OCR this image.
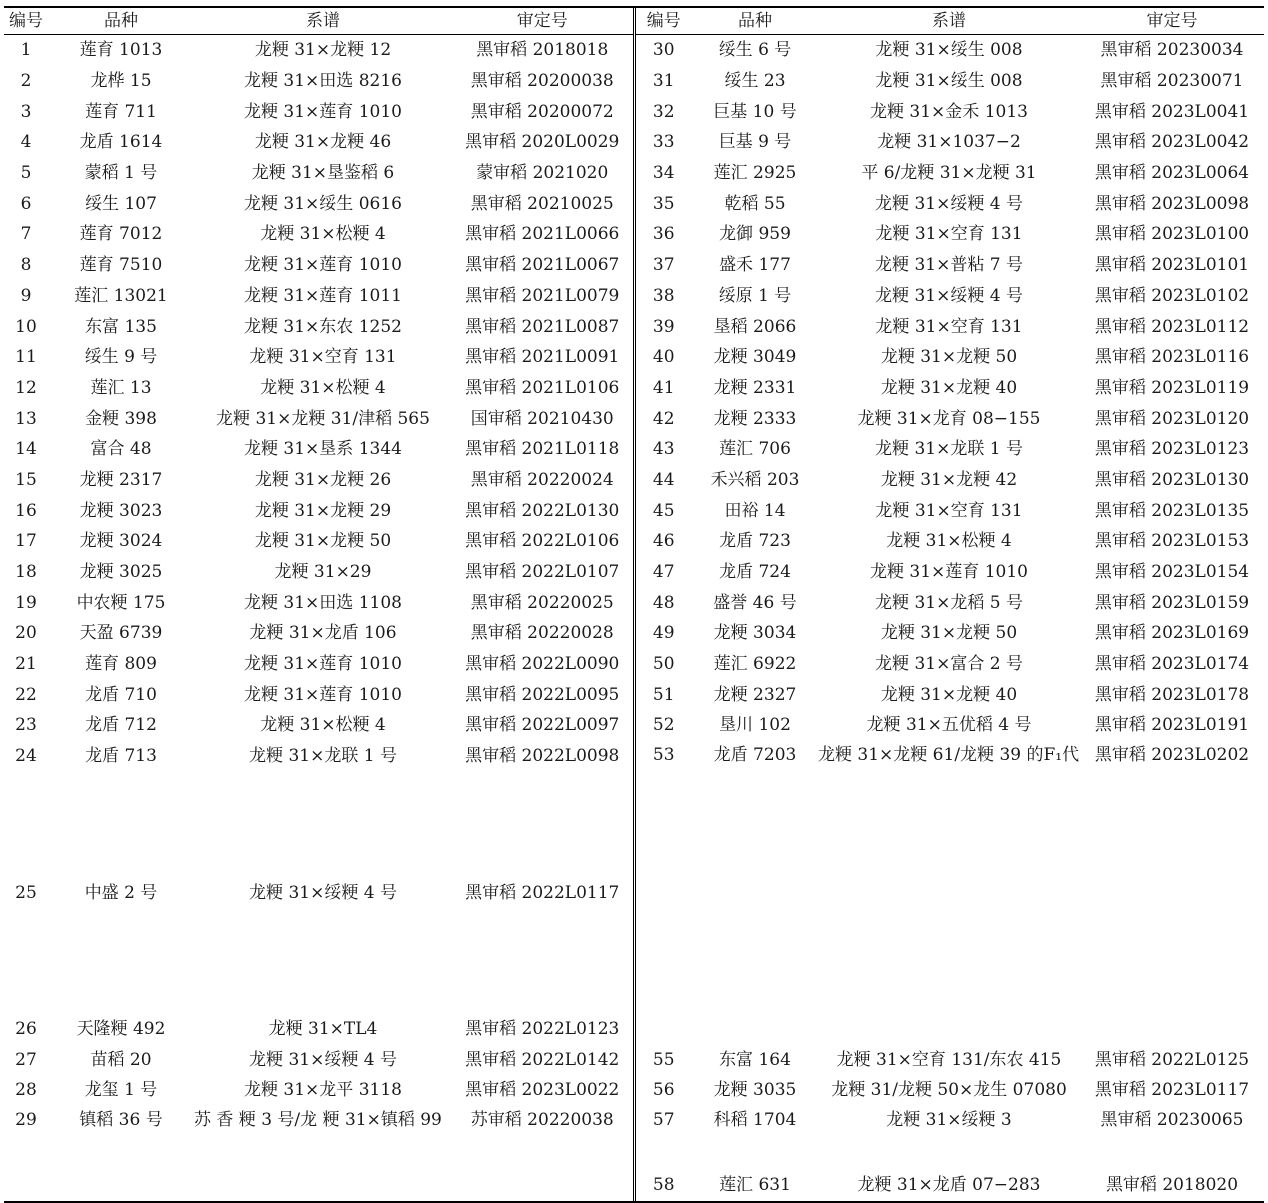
编号	品种	系谱	审定号	编号	品种	系谱	审定号	
1	莲育 1013	龙粳 31×龙粳 12	黑审稻 2018018	30	绥生 6 号	龙粳 31×绥生 008	黑审稻 20230034	
2	龙桦 15	龙粳 31×田选 8216	黑审稻 20200038	31	绥生 23	龙粳 31×绥生 008	黑审稻 20230071	
3	莲育 711	龙粳 31×莲育 1010	黑审稻 20200072	32	巨基 10 号	龙粳 31×金禾 1013	黑审稻 2023L0041	
4	龙盾 1614	龙粳 31×龙粳 46	黑审稻 2020L0029	33	巨基 9 号	龙粳 31×1037−2	黑审稻 2023L0042	
5	蒙稻 1 号	龙粳 31×垦鉴稻 6	蒙审稻 2021020	34	莲汇 2925	平 6/龙粳 31×龙粳 31	黑审稻 2023L0064	
6	绥生 107	龙粳 31×绥生 0616	黑审稻 20210025	35	乾稻 55	龙粳 31×绥粳 4 号	黑审稻 2023L0098	
7	莲育 7012	龙粳 31×松粳 4	黑审稻 2021L0066	36	龙御 959	龙粳 31×空育 131	黑审稻 2023L0100	
8	莲育 7510	龙粳 31×莲育 1010	黑审稻 2021L0067	37	盛禾 177	龙粳 31×普粘 7 号	黑审稻 2023L0101	
9	莲汇 13021	龙粳 31×莲育 1011	黑审稻 2021L0079	38	绥原 1 号	龙粳 31×绥粳 4 号	黑审稻 2023L0102	
10	东富 135	龙粳 31×东农 1252	黑审稻 2021L0087	39	垦稻 2066	龙粳 31×空育 131	黑审稻 2023L0112	
11	绥生 9 号	龙粳 31×空育 131	黑审稻 2021L0091	40	龙粳 3049	龙粳 31×龙粳 50	黑审稻 2023L0116	
12	莲汇 13	龙粳 31×松粳 4	黑审稻 2021L0106	41	龙粳 2331	龙粳 31×龙粳 40	黑审稻 2023L0119	
13	金粳 398	龙粳 31×龙粳 31/津稻 565	国审稻 20210430	42	龙粳 2333	龙粳 31×龙育 08−155	黑审稻 2023L0120	
14	富合 48	龙粳 31×垦系 1344	黑审稻 2021L0118	43	莲汇 706	龙粳 31×龙联 1 号	黑审稻 2023L0123	
15	龙粳 2317	龙粳 31×龙粳 26	黑审稻 20220024	44	禾兴稻 203	龙粳 31×龙粳 42	黑审稻 2023L0130	
16	龙粳 3023	龙粳 31×龙粳 29	黑审稻 2022L0130	45	田裕 14	龙粳 31×空育 131	黑审稻 2023L0135	
17	龙粳 3024	龙粳 31×龙粳 50	黑审稻 2022L0106	46	龙盾 723	龙粳 31×松粳 4	黑审稻 2023L0153	
18	龙粳 3025	龙粳 31×29	黑审稻 2022L0107	47	龙盾 724	龙粳 31×莲育 1010	黑审稻 2023L0154	
19	中农粳 175	龙粳 31×田选 1108	黑审稻 20220025	48	盛誉 46 号	龙粳 31×龙稻 5 号	黑审稻 2023L0159	
20	天盈 6739	龙粳 31×龙盾 106	黑审稻 20220028	49	龙粳 3034	龙粳 31×龙粳 50	黑审稻 2023L0169	
21	莲育 809	龙粳 31×莲育 1010	黑审稻 2022L0090	50	莲汇 6922	龙粳 31×富合 2 号	黑审稻 2023L0174	
22	龙盾 710	龙粳 31×莲育 1010	黑审稻 2022L0095	51	龙粳 2327	龙粳 31×龙粳 40	黑审稻 2023L0178	
23	龙盾 712	龙粳 31×松粳 4	黑审稻 2022L0097	52	垦川 102	龙粳 31×五优稻 4 号	黑审稻 2023L0191	
24	龙盾 713	龙粳 31×龙联 1 号	黑审稻 2022L0098	53	龙盾 7203	龙粳 31×龙粳 61/龙粳 39 的F₁代	黑审稻 2023L0202	
25	中盛 2 号	龙粳 31×绥粳 4 号	黑审稻 2022L0117				
26	天隆粳 492	龙粳 31×TL4	黑审稻 2022L0123					
27	苗稻 20	龙粳 31×绥粳 4 号	黑审稻 2022L0142	55	东富 164	龙粳 31×空育 131/东农 415	黑审稻 2022L0125	
28	龙玺 1 号	龙粳 31×龙平 3118	黑审稻 2023L0022	56	龙粳 3035	龙粳 31/龙粳 50×龙生 07080	黑审稻 2023L0117	
29	镇稻 36 号	苏 香 粳 3 号/龙 粳 31×镇稻 99	苏审稻 20220038	57	科稻 1704	龙粳 31×绥粳 3	黑审稻 20230065	
				58	莲汇 631	龙粳 31×龙盾 07−283	黑审稻 2018020	
